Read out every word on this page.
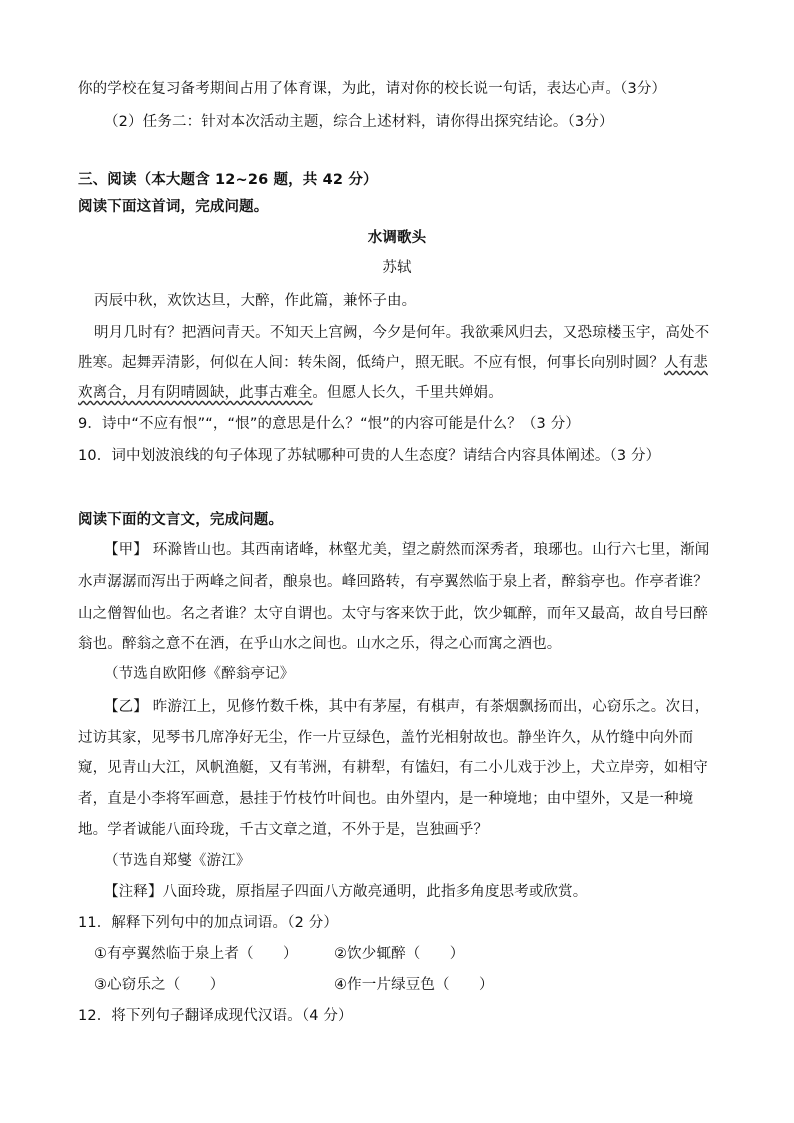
你的学校在复习备考期间占用了体育课，为此，请对你的校长说一句话，表达心声。（3分）
（2）任务二：针对本次活动主题，综合上述材料，请你得出探究结论。（3分）
三、阅读（本大题含 12~26 题，共 42 分）
阅读下面这首词，完成问题。
水调歌头
苏轼
丙辰中秋，欢饮达旦，大醉，作此篇，兼怀子由。
明月几时有？把酒问青天。不知天上宫阙，今夕是何年。我欲乘风归去，又恐琼楼玉宇，高处不
胜寒。起舞弄清影，何似在人间：转朱阁，低绮户，照无眠。不应有恨，何事长向别时圆？人有悲
欢离合，月有阴晴圆缺，此事古难全。但愿人长久，千里共婵娟。
9．诗中“不应有恨”“，“恨”的意思是什么？“恨”的内容可能是什么？（3 分）
10．词中划波浪线的句子体现了苏轼哪种可贵的人生态度？请结合内容具体阐述。（3 分）
阅读下面的文言文，完成问题。
【甲】 环滁皆山也。其西南诸峰，林壑尤美，望之蔚然而深秀者，琅琊也。山行六七里，渐闻
水声潺潺而泻出于两峰之间者，酿泉也。峰回路转，有亭翼然临于泉上者，醉翁亭也。作亭者谁？
山之僧智仙也。名之者谁？太守自谓也。太守与客来饮于此，饮少辄醉，而年又最高，故自号曰醉
翁也。醉翁之意不在酒，在乎山水之间也。山水之乐，得之心而寓之酒也。
（节选自欧阳修《醉翁亭记》
【乙】 昨游江上，见修竹数千株，其中有茅屋，有棋声，有茶烟飘扬而出，心窃乐之。次日，
过访其家，见琴书几席净好无尘，作一片豆绿色，盖竹光相射故也。静坐许久，从竹缝中向外而
窥，见青山大江，风帆渔艇，又有苇洲，有耕犁，有馌妇，有二小儿戏于沙上，犬立岸旁，如相守
者，直是小李将军画意，悬挂于竹枝竹叶间也。由外望内，是一种境地；由中望外，又是一种境
地。学者诚能八面玲珑，千古文章之道，不外于是，岂独画乎？
（节选自郑燮《游江》
【注释】八面玲珑，原指屋子四面八方敞亮通明，此指多角度思考或欣赏。
11．解释下列句中的加点词语。（2 分）
①有亭翼然临于泉上者（　　）	②饮少辄醉（　　）
③心窃乐之（　　）	④作一片绿豆色（　　）
12．将下列句子翻译成现代汉语。（4 分）
